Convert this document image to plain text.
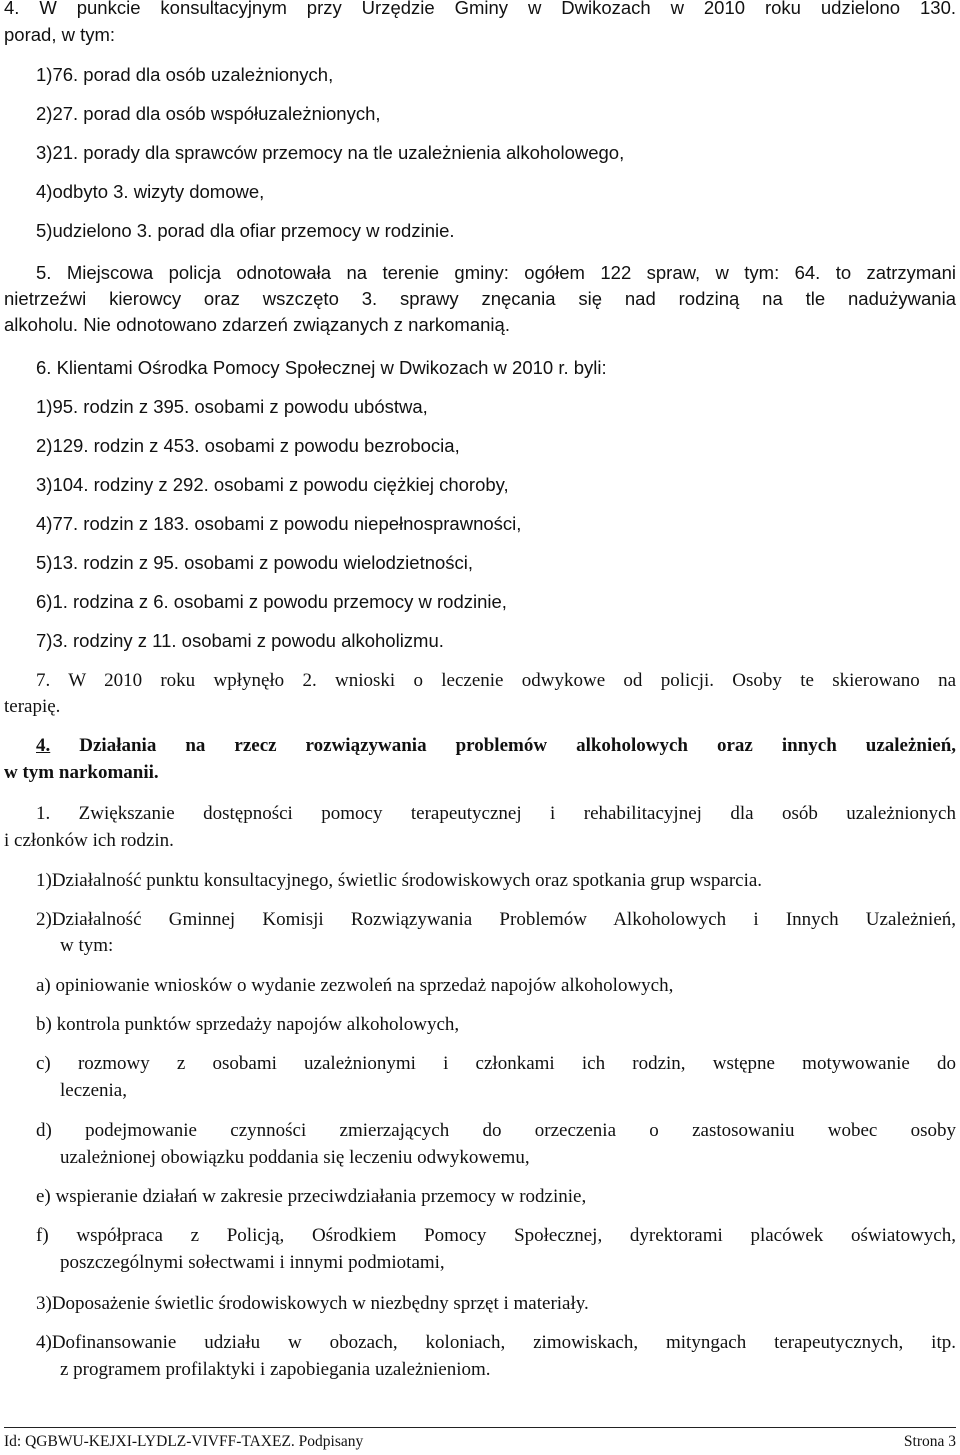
4. W punkcie konsultacyjnym przy Urzędzie Gminy w Dwikozach w 2010 roku udzielono 130.

porad, w tym:

1)76. porad dla osób uzależnionych,

2)27. porad dla osób współuzależnionych,

3)21. porady dla sprawców przemocy na tle uzależnienia alkoholowego,

4)odbyto 3. wizyty domowe,

5)udzielono 3. porad dla ofiar przemocy w rodzinie.

5. Miejscowa policja odnotowała na terenie gminy: ogółem 122 spraw, w tym: 64. to zatrzymani

nietrzeźwi kierowcy oraz wszczęto 3. sprawy znęcania się nad rodziną na tle nadużywania

alkoholu. Nie odnotowano zdarzeń związanych z narkomanią.

6. Klientami Ośrodka Pomocy Społecznej w Dwikozach w 2010 r. byli:

1)95. rodzin z 395. osobami z powodu ubóstwa,

2)129. rodzin z 453. osobami z powodu bezrobocia,

3)104. rodziny z 292. osobami z powodu ciężkiej choroby,

4)77. rodzin z 183. osobami z powodu niepełnosprawności,

5)13. rodzin z 95. osobami z powodu wielodzietności,

6)1. rodzina z 6. osobami z powodu przemocy w rodzinie,

7)3. rodziny z 11. osobami z powodu alkoholizmu.

7. W 2010 roku wpłynęło 2. wnioski o leczenie odwykowe od policji. Osoby te skierowano na

terapię.

4. Działania na rzecz rozwiązywania problemów alkoholowych oraz innych uzależnień,

w tym narkomanii.

1. Zwiększanie dostępności pomocy terapeutycznej i rehabilitacyjnej dla osób uzależnionych

i członków ich rodzin.

1)Działalność punktu konsultacyjnego, świetlic środowiskowych oraz spotkania grup wsparcia.

2)Działalność Gminnej Komisji Rozwiązywania Problemów Alkoholowych i Innych Uzależnień,

w tym:

a) opiniowanie wniosków o wydanie zezwoleń na sprzedaż napojów alkoholowych,

b) kontrola punktów sprzedaży napojów alkoholowych,

c) rozmowy z osobami uzależnionymi i członkami ich rodzin, wstępne motywowanie do

leczenia,

d) podejmowanie czynności zmierzających do orzeczenia o zastosowaniu wobec osoby

uzależnionej obowiązku poddania się leczeniu odwykowemu,

e) wspieranie działań w zakresie przeciwdziałania przemocy w rodzinie,

f) współpraca z Policją, Ośrodkiem Pomocy Społecznej, dyrektorami placówek oświatowych,

poszczególnymi sołectwami i innymi podmiotami,

3)Doposażenie świetlic środowiskowych w niezbędny sprzęt i materiały.

4)Dofinansowanie udziału w obozach, koloniach, zimowiskach, mityngach terapeutycznych, itp.

z programem profilaktyki i zapobiegania uzależnieniom.

Id: QGBWU-KEJXI-LYDLZ-VIVFF-TAXEZ. Podpisany	Strona 3
